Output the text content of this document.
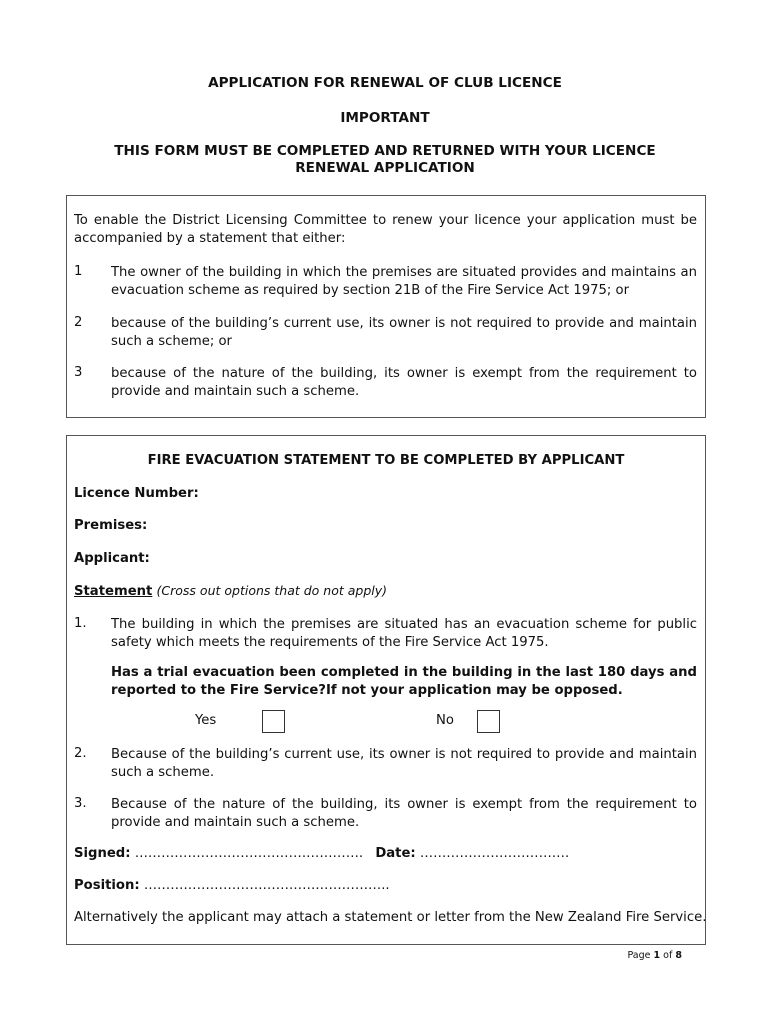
APPLICATION FOR RENEWAL OF CLUB LICENCE
IMPORTANT
THIS FORM MUST BE COMPLETED AND RETURNED WITH YOUR LICENCE
RENEWAL APPLICATION
To enable the District Licensing Committee to renew your licence your application must be accompanied by a statement that either:
1 The owner of the building in which the premises are situated provides and maintains an evacuation scheme as required by section 21B of the Fire Service Act 1975; or
2 because of the building’s current use, its owner is not required to provide and maintain such a scheme; or
3 because of the nature of the building, its owner is exempt from the requirement to provide and maintain such a scheme.
FIRE EVACUATION STATEMENT TO BE COMPLETED BY APPLICANT
Licence Number:
Premises:
Applicant:
Statement (Cross out options that do not apply)
1. The building in which the premises are situated has an evacuation scheme for public safety which meets the requirements of the Fire Service Act 1975.
Has a trial evacuation been completed in the building in the last 180 days and reported to the Fire Service?If not your application may be opposed.
Yes	No
2. Because of the building’s current use, its owner is not required to provide and maintain such a scheme.
3. Because of the nature of the building, its owner is exempt from the requirement to provide and maintain such a scheme.
Signed: ……………………………………………. Date: …………………………….
Position: ………………………………………………..
Alternatively the applicant may attach a statement or letter from the New Zealand Fire Service.
Page 1 of 8
